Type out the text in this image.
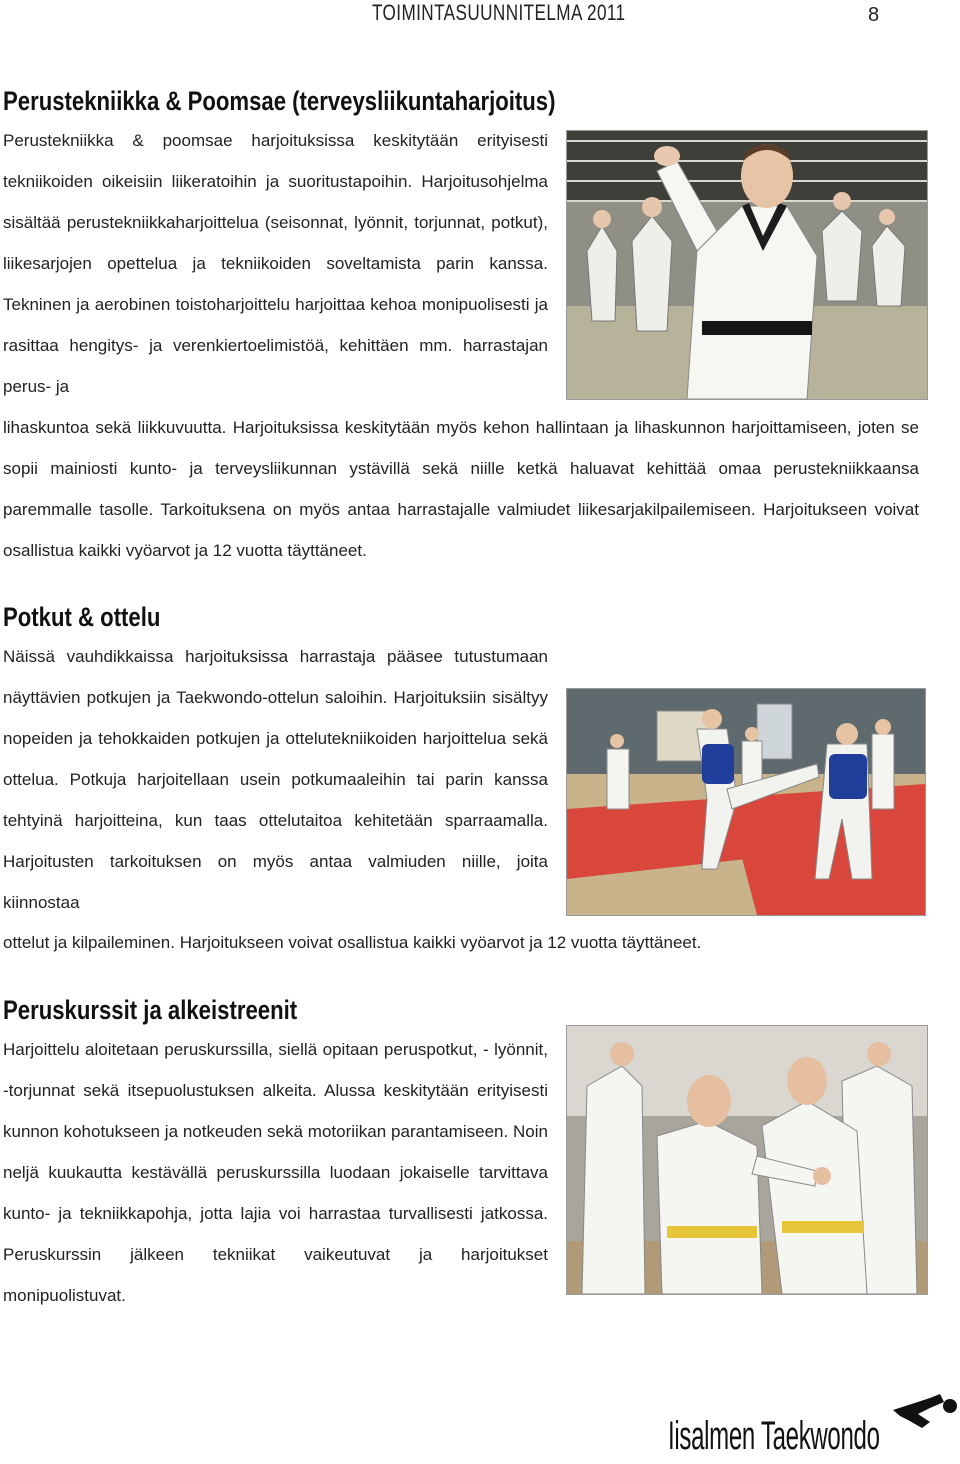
TOIMINTASUUNNITELMA 2011	8
Perustekniikka & Poomsae (terveysliikuntaharjoitus)

Perustekniikka & poomsae harjoituksissa keskitytään erityisesti tekniikoiden oikeisiin liikeratoihin ja suoritustapoihin. Harjoitusohjelma sisältää perustekniikkaharjoittelua (seisonnat, lyönnit, torjunnat, potkut), liikesarjojen opettelua ja tekniikoiden soveltamista parin kanssa. Tekninen ja aerobinen toistoharjoittelu harjoittaa kehoa monipuolisesti ja rasittaa hengitys- ja verenkiertoelimistöä, kehittäen mm. harrastajan perus- ja

lihaskuntoa sekä liikkuvuutta. Harjoituksissa keskitytään myös kehon hallintaan ja lihaskunnon harjoittamiseen, joten se sopii mainiosti kunto- ja terveysliikunnan ystävillä sekä niille ketkä haluavat kehittää omaa perustekniikkaansa paremmalle tasolle. Tarkoituksena on myös antaa harrastajalle valmiudet liikesarjakilpailemiseen. Harjoitukseen voivat osallistua kaikki vyöarvot ja 12 vuotta täyttäneet.

Potkut & ottelu

Näissä vauhdikkaissa harjoituksissa harrastaja pääsee tutustumaan näyttävien potkujen ja Taekwondo-ottelun saloihin. Harjoituksiin sisältyy nopeiden ja tehokkaiden potkujen ja ottelutekniikoiden harjoittelua sekä ottelua. Potkuja harjoitellaan usein potkumaaleihin tai parin kanssa tehtyinä harjoitteina, kun taas ottelutaitoa kehitetään sparraamalla. Harjoitusten tarkoituksen on myös antaa valmiuden niille, joita kiinnostaa

ottelut ja kilpaileminen. Harjoitukseen voivat osallistua kaikki vyöarvot ja 12 vuotta täyttäneet.

Peruskurssit ja alkeistreenit

Harjoittelu aloitetaan peruskurssilla, siellä opitaan peruspotkut, - lyönnit, -torjunnat sekä itsepuolustuksen alkeita. Alussa keskitytään erityisesti kunnon kohotukseen ja notkeuden sekä motoriikan parantamiseen. Noin neljä kuukautta kestävällä peruskurssilla luodaan jokaiselle tarvittava kunto- ja tekniikkapohja, jotta lajia voi harrastaa turvallisesti jatkossa. Peruskurssin jälkeen tekniikat vaikeutuvat ja harjoitukset monipuolistuvat.

Iisalmen Taekwondo
